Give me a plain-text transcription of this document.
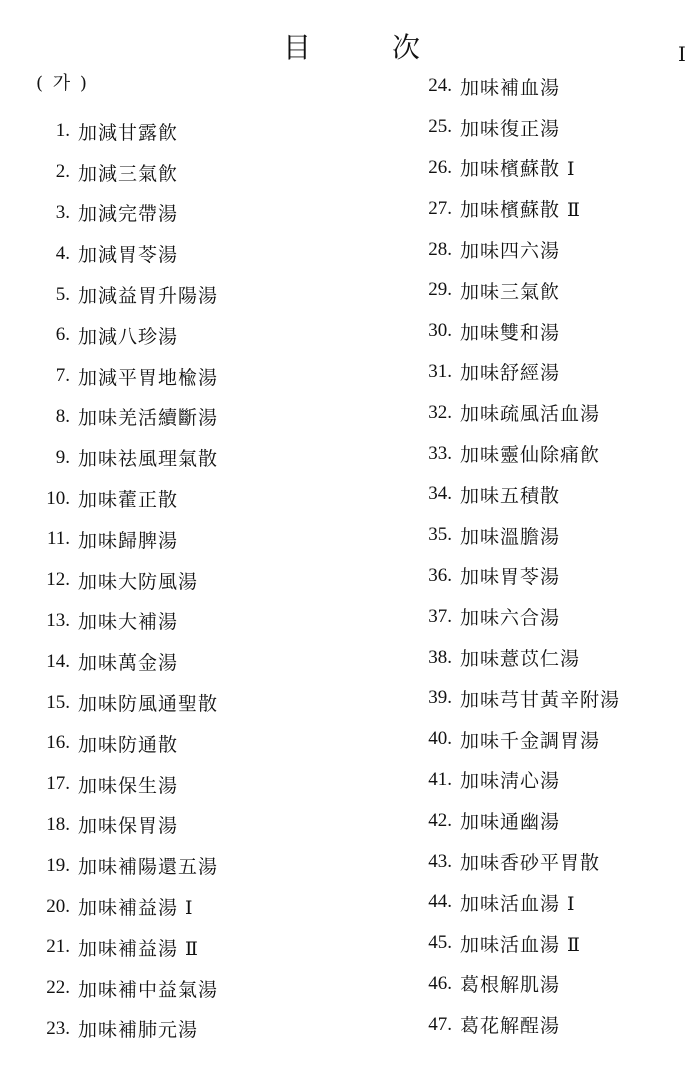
目	次	I
( 가 )
1. 加減甘露飮
2. 加減三氣飮
3. 加減完帶湯
4. 加減胃苓湯
5. 加減益胃升陽湯
6. 加減八珍湯
7. 加減平胃地楡湯
8. 加味羌活續斷湯
9. 加味祛風理氣散
10. 加味藿正散
11. 加味歸脾湯
12. 加味大防風湯
13. 加味大補湯
14. 加味萬金湯
15. 加味防風通聖散
16. 加味防通散
17. 加味保生湯
18. 加味保胃湯
19. 加味補陽還五湯
20. 加味補益湯 Ⅰ
21. 加味補益湯 Ⅱ
22. 加味補中益氣湯
23. 加味補肺元湯
24. 加味補血湯
25. 加味復正湯
26. 加味檳蘇散 Ⅰ
27. 加味檳蘇散 Ⅱ
28. 加味四六湯
29. 加味三氣飮
30. 加味雙和湯
31. 加味舒經湯
32. 加味疏風活血湯
33. 加味靈仙除痛飮
34. 加味五積散
35. 加味溫膽湯
36. 加味胃苓湯
37. 加味六合湯
38. 加味薏苡仁湯
39. 加味芎甘黃辛附湯
40. 加味千金調胃湯
41. 加味淸心湯
42. 加味通幽湯
43. 加味香砂平胃散
44. 加味活血湯 Ⅰ
45. 加味活血湯 Ⅱ
46. 葛根解肌湯
47. 葛花解酲湯
